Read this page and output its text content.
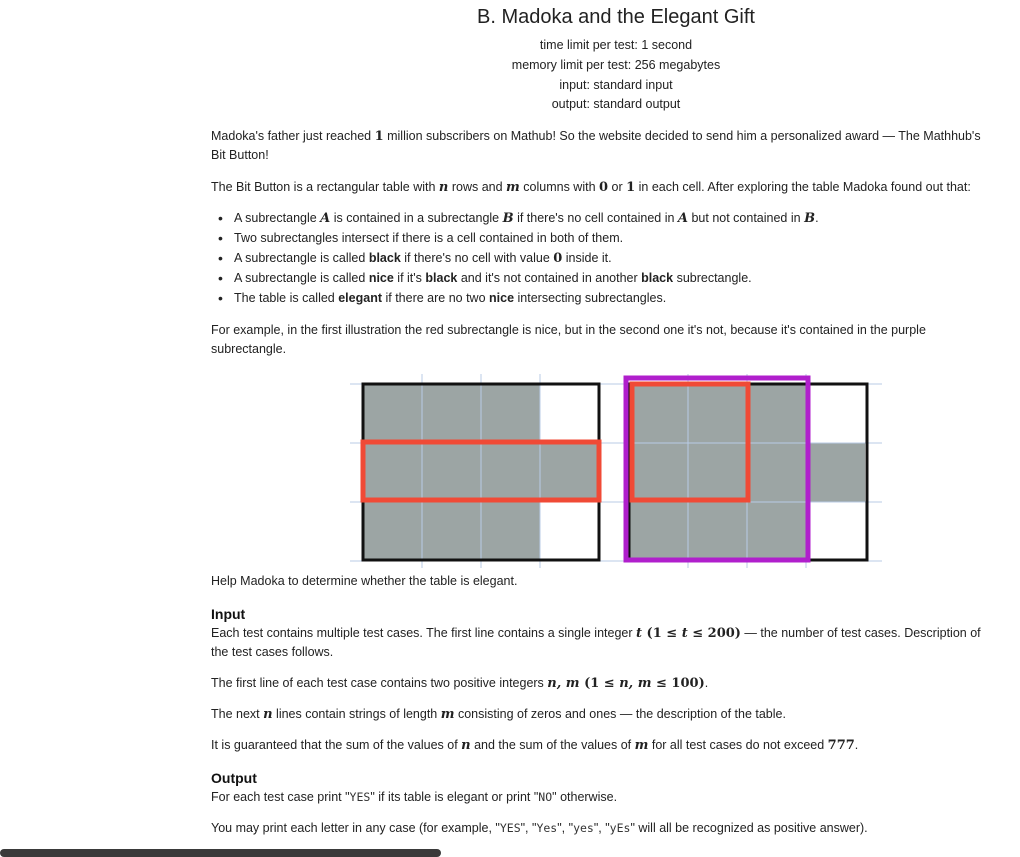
B. Madoka and the Elegant Gift
time limit per test: 1 second
memory limit per test: 256 megabytes
input: standard input
output: standard output
Madoka's father just reached 1 million subscribers on Mathub! So the website decided to send him a personalized award — The Mathhub's
Bit Button!
The Bit Button is a rectangular table with n rows and m columns with 0 or 1 in each cell. After exploring the table Madoka found out that:
• A subrectangle A is contained in a subrectangle B if there's no cell contained in A but not contained in B.
• Two subrectangles intersect if there is a cell contained in both of them.
• A subrectangle is called black if there's no cell with value 0 inside it.
• A subrectangle is called nice if it's black and it's not contained in another black subrectangle.
• The table is called elegant if there are no two nice intersecting subrectangles.
For example, in the first illustration the red subrectangle is nice, but in the second one it's not, because it's contained in the purple
subrectangle.
Help Madoka to determine whether the table is elegant.
Input
Each test contains multiple test cases. The first line contains a single integer t (1 ≤ t ≤ 200) — the number of test cases. Description of
the test cases follows.
The first line of each test case contains two positive integers n, m (1 ≤ n, m ≤ 100).
The next n lines contain strings of length m consisting of zeros and ones — the description of the table.
It is guaranteed that the sum of the values of n and the sum of the values of m for all test cases do not exceed 777.
Output
For each test case print "YES" if its table is elegant or print "NO" otherwise.
You may print each letter in any case (for example, "YES", "Yes", "yes", "yEs" will all be recognized as positive answer).
